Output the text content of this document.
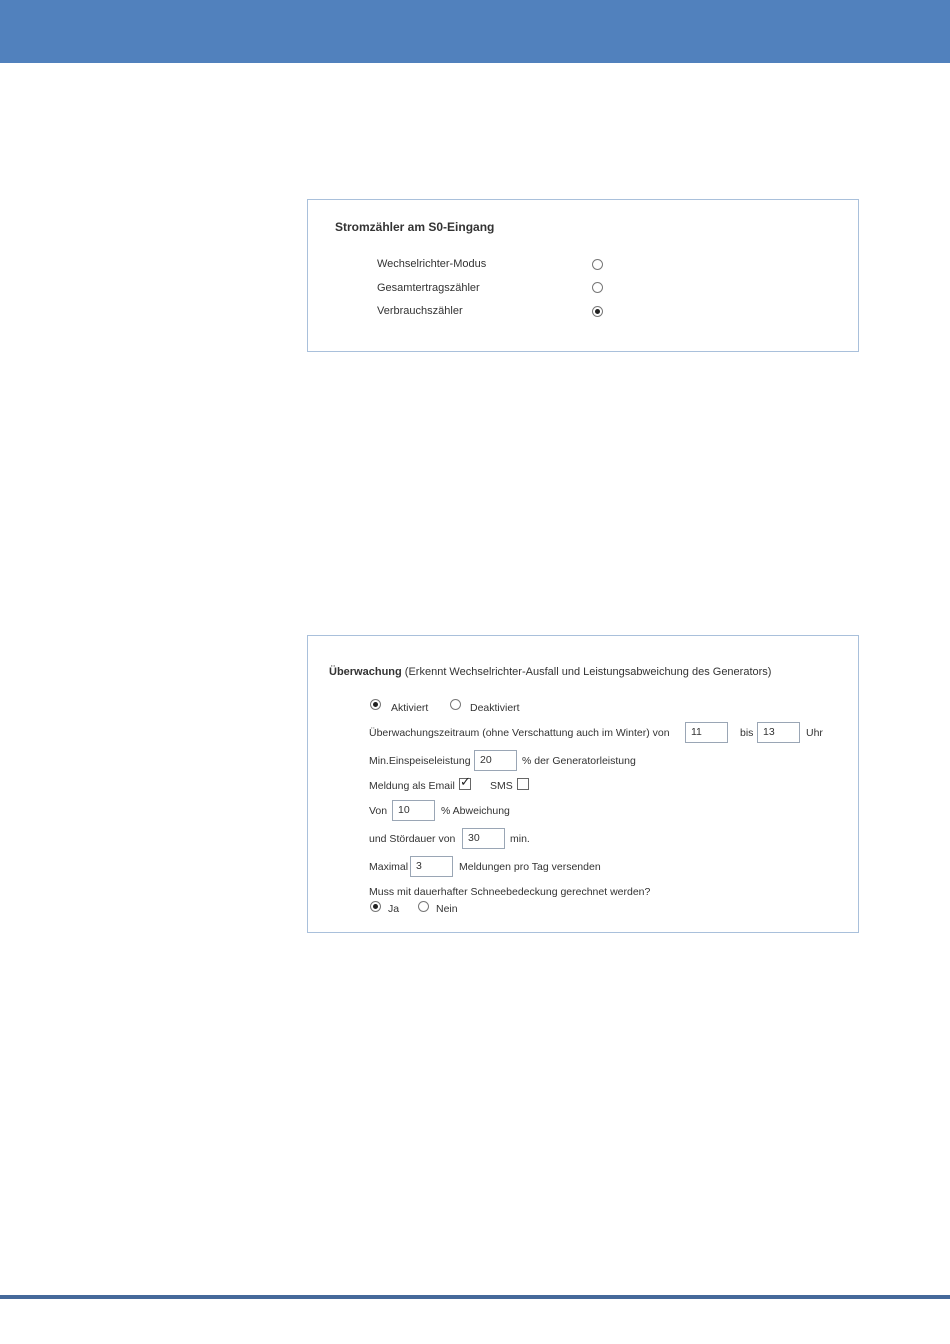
Stromzähler am S0-Eingang
Wechselrichter-Modus
Gesamtertragszähler
Verbrauchszähler
Überwachung (Erkennt Wechselrichter-Ausfall und Leistungsabweichung des Generators)
Aktiviert	Deaktiviert
Überwachungszeitraum (ohne Verschattung auch im Winter) von	11	bis 13	Uhr
Min.Einspeiseleistung 20	% der Generatorleistung
Meldung als Email
✓	SMS
Von	10	% Abweichung
und Stördauer von	30	min.
Maximal 3	Meldungen pro Tag versenden
Muss mit dauerhafter Schneebedeckung gerechnet werden?
Ja	Nein
